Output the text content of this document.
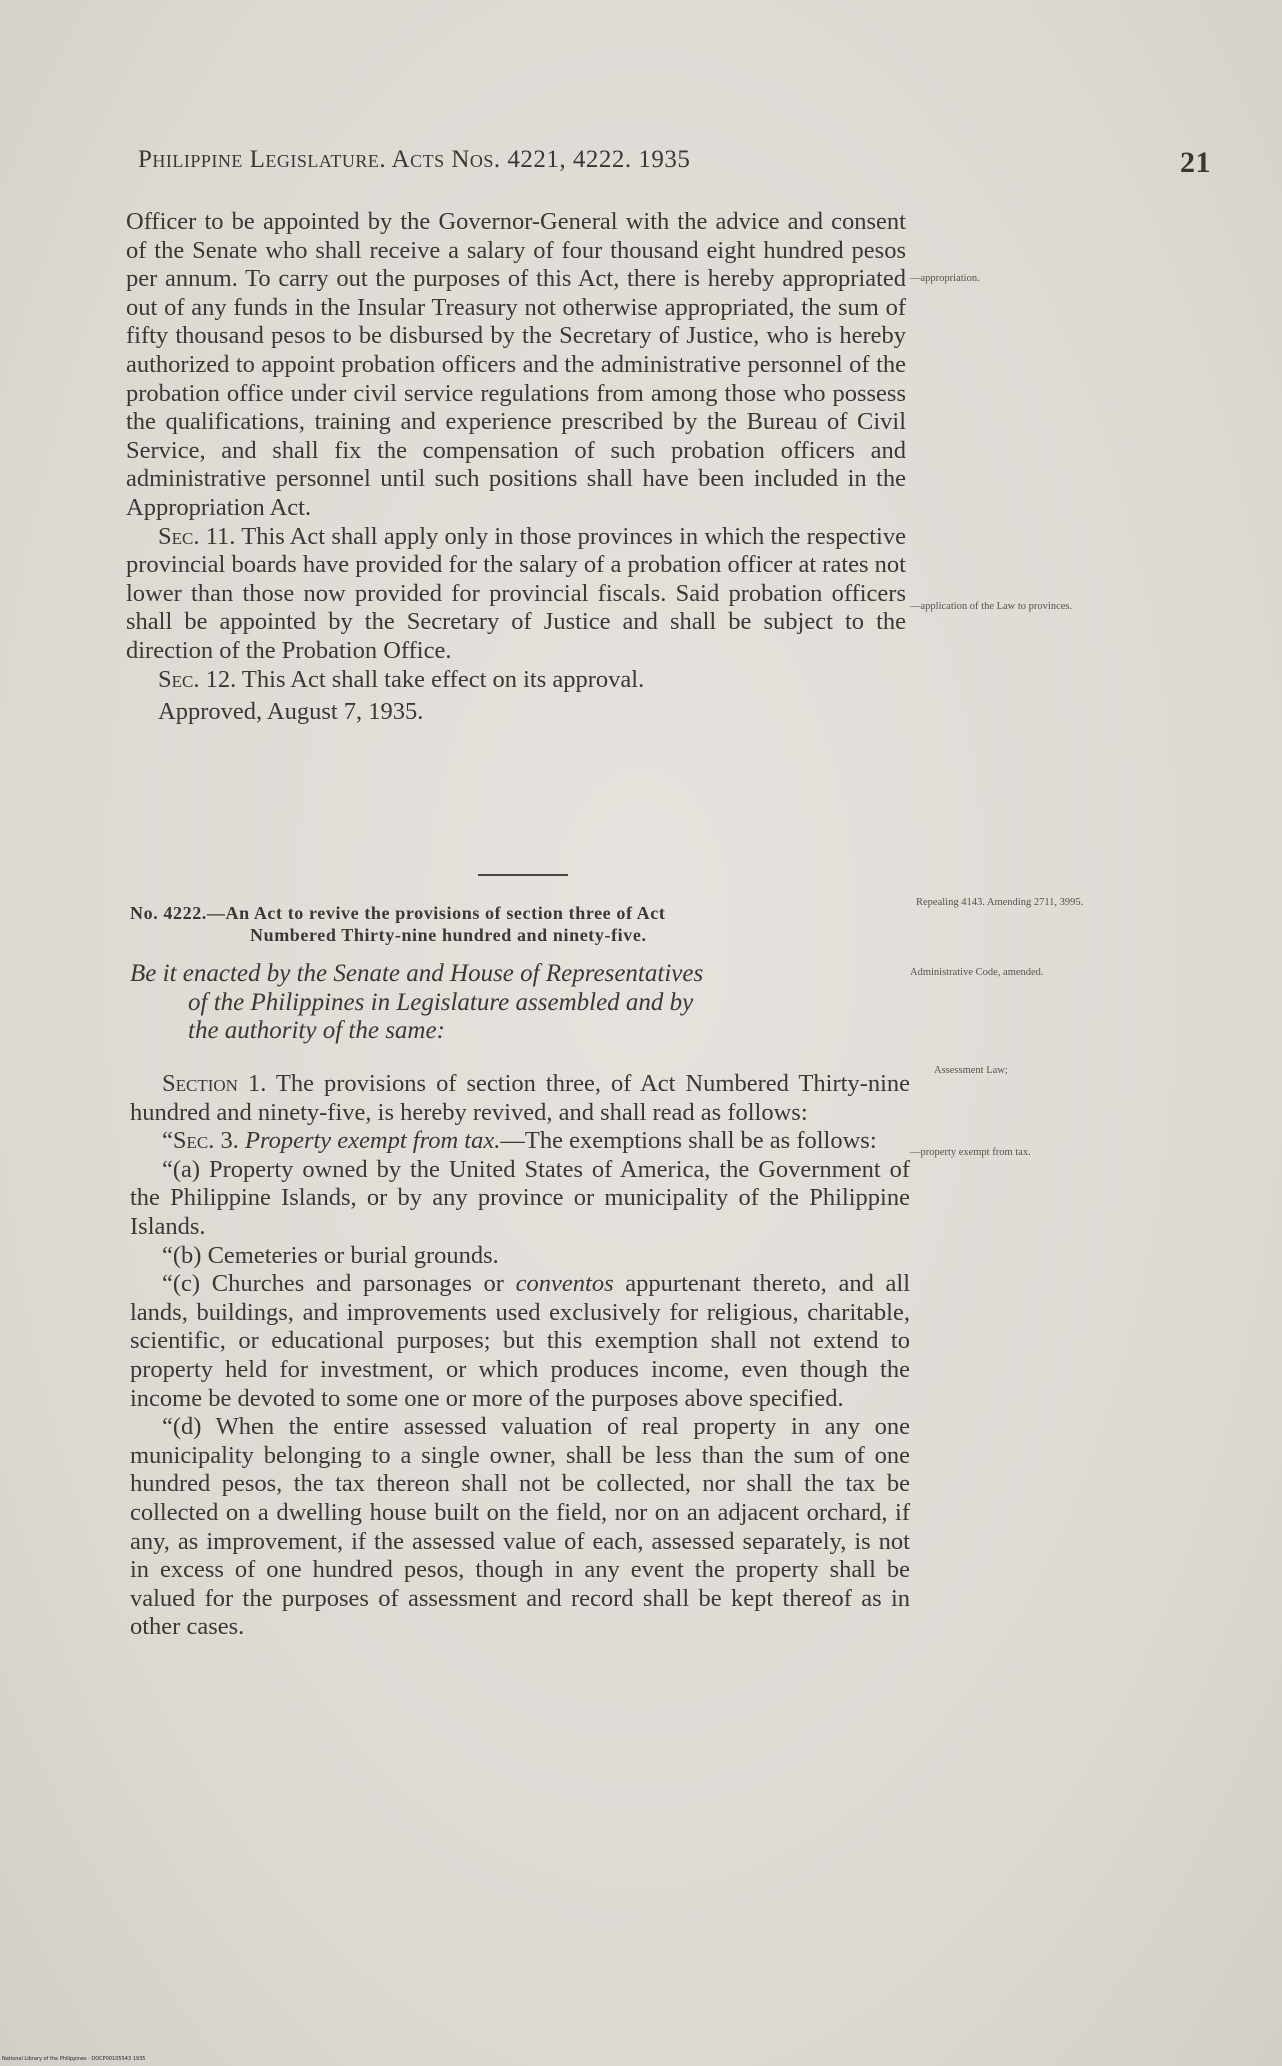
Philippine Legislature. Acts Nos. 4221, 4222. 1935	21

Officer to be appointed by the Governor-General with the advice and consent of the Senate who shall receive a salary of four thousand eight hundred pesos per annum. To carry out the purposes of this Act, there is hereby appropriated out of any funds in the Insular Treasury not otherwise appropriated, the sum of fifty thousand pesos to be disbursed by the Secretary of Justice, who is hereby authorized to appoint probation officers and the administrative personnel of the probation office under civil service regulations from among those who possess the qualifications, training and experience prescribed by the Bureau of Civil Service, and shall fix the compensation of such probation officers and administrative personnel until such positions shall have been included in the Appropriation Act.

Sec. 11. This Act shall apply only in those provinces in which the respective provincial boards have provided for the salary of a probation officer at rates not lower than those now provided for provincial fiscals. Said probation officers shall be appointed by the Secretary of Justice and shall be subject to the direction of the Probation Office.

Sec. 12. This Act shall take effect on its approval.

Approved, August 7, 1935.

—appropriation.
—application of the Law to provinces.
Repealing 4143. Amending 2711, 3995.
Administrative Code, amended.
Assessment Law;
—property exempt from tax.
No. 4222.—An Act to revive the provisions of section three of Act
Numbered Thirty-nine hundred and ninety-five.
Be it enacted by the Senate and House of Representatives
of the Philippines in Legislature assembled and by
the authority of the same:

Section 1. The provisions of section three, of Act Numbered Thirty-nine hundred and ninety-five, is hereby revived, and shall read as follows:

“Sec. 3. Property exempt from tax.—The exemptions shall be as follows:

“(a) Property owned by the United States of America, the Government of the Philippine Islands, or by any province or municipality of the Philippine Islands.

“(b) Cemeteries or burial grounds.

“(c) Churches and parsonages or conventos appurtenant thereto, and all lands, buildings, and improvements used exclusively for religious, charitable, scientific, or educational purposes; but this exemption shall not extend to property held for investment, or which produces income, even though the income be devoted to some one or more of the purposes above specified.

“(d) When the entire assessed valuation of real property in any one municipality belonging to a single owner, shall be less than the sum of one hundred pesos, the tax thereon shall not be collected, nor shall the tax be collected on a dwelling house built on the field, nor on an adjacent orchard, if any, as improvement, if the assessed value of each, assessed separately, is not in excess of one hundred pesos, though in any event the property shall be valued for the purposes of assessment and record shall be kept thereof as in other cases.

National Library of the Philippines · DOCP00105543 1935
